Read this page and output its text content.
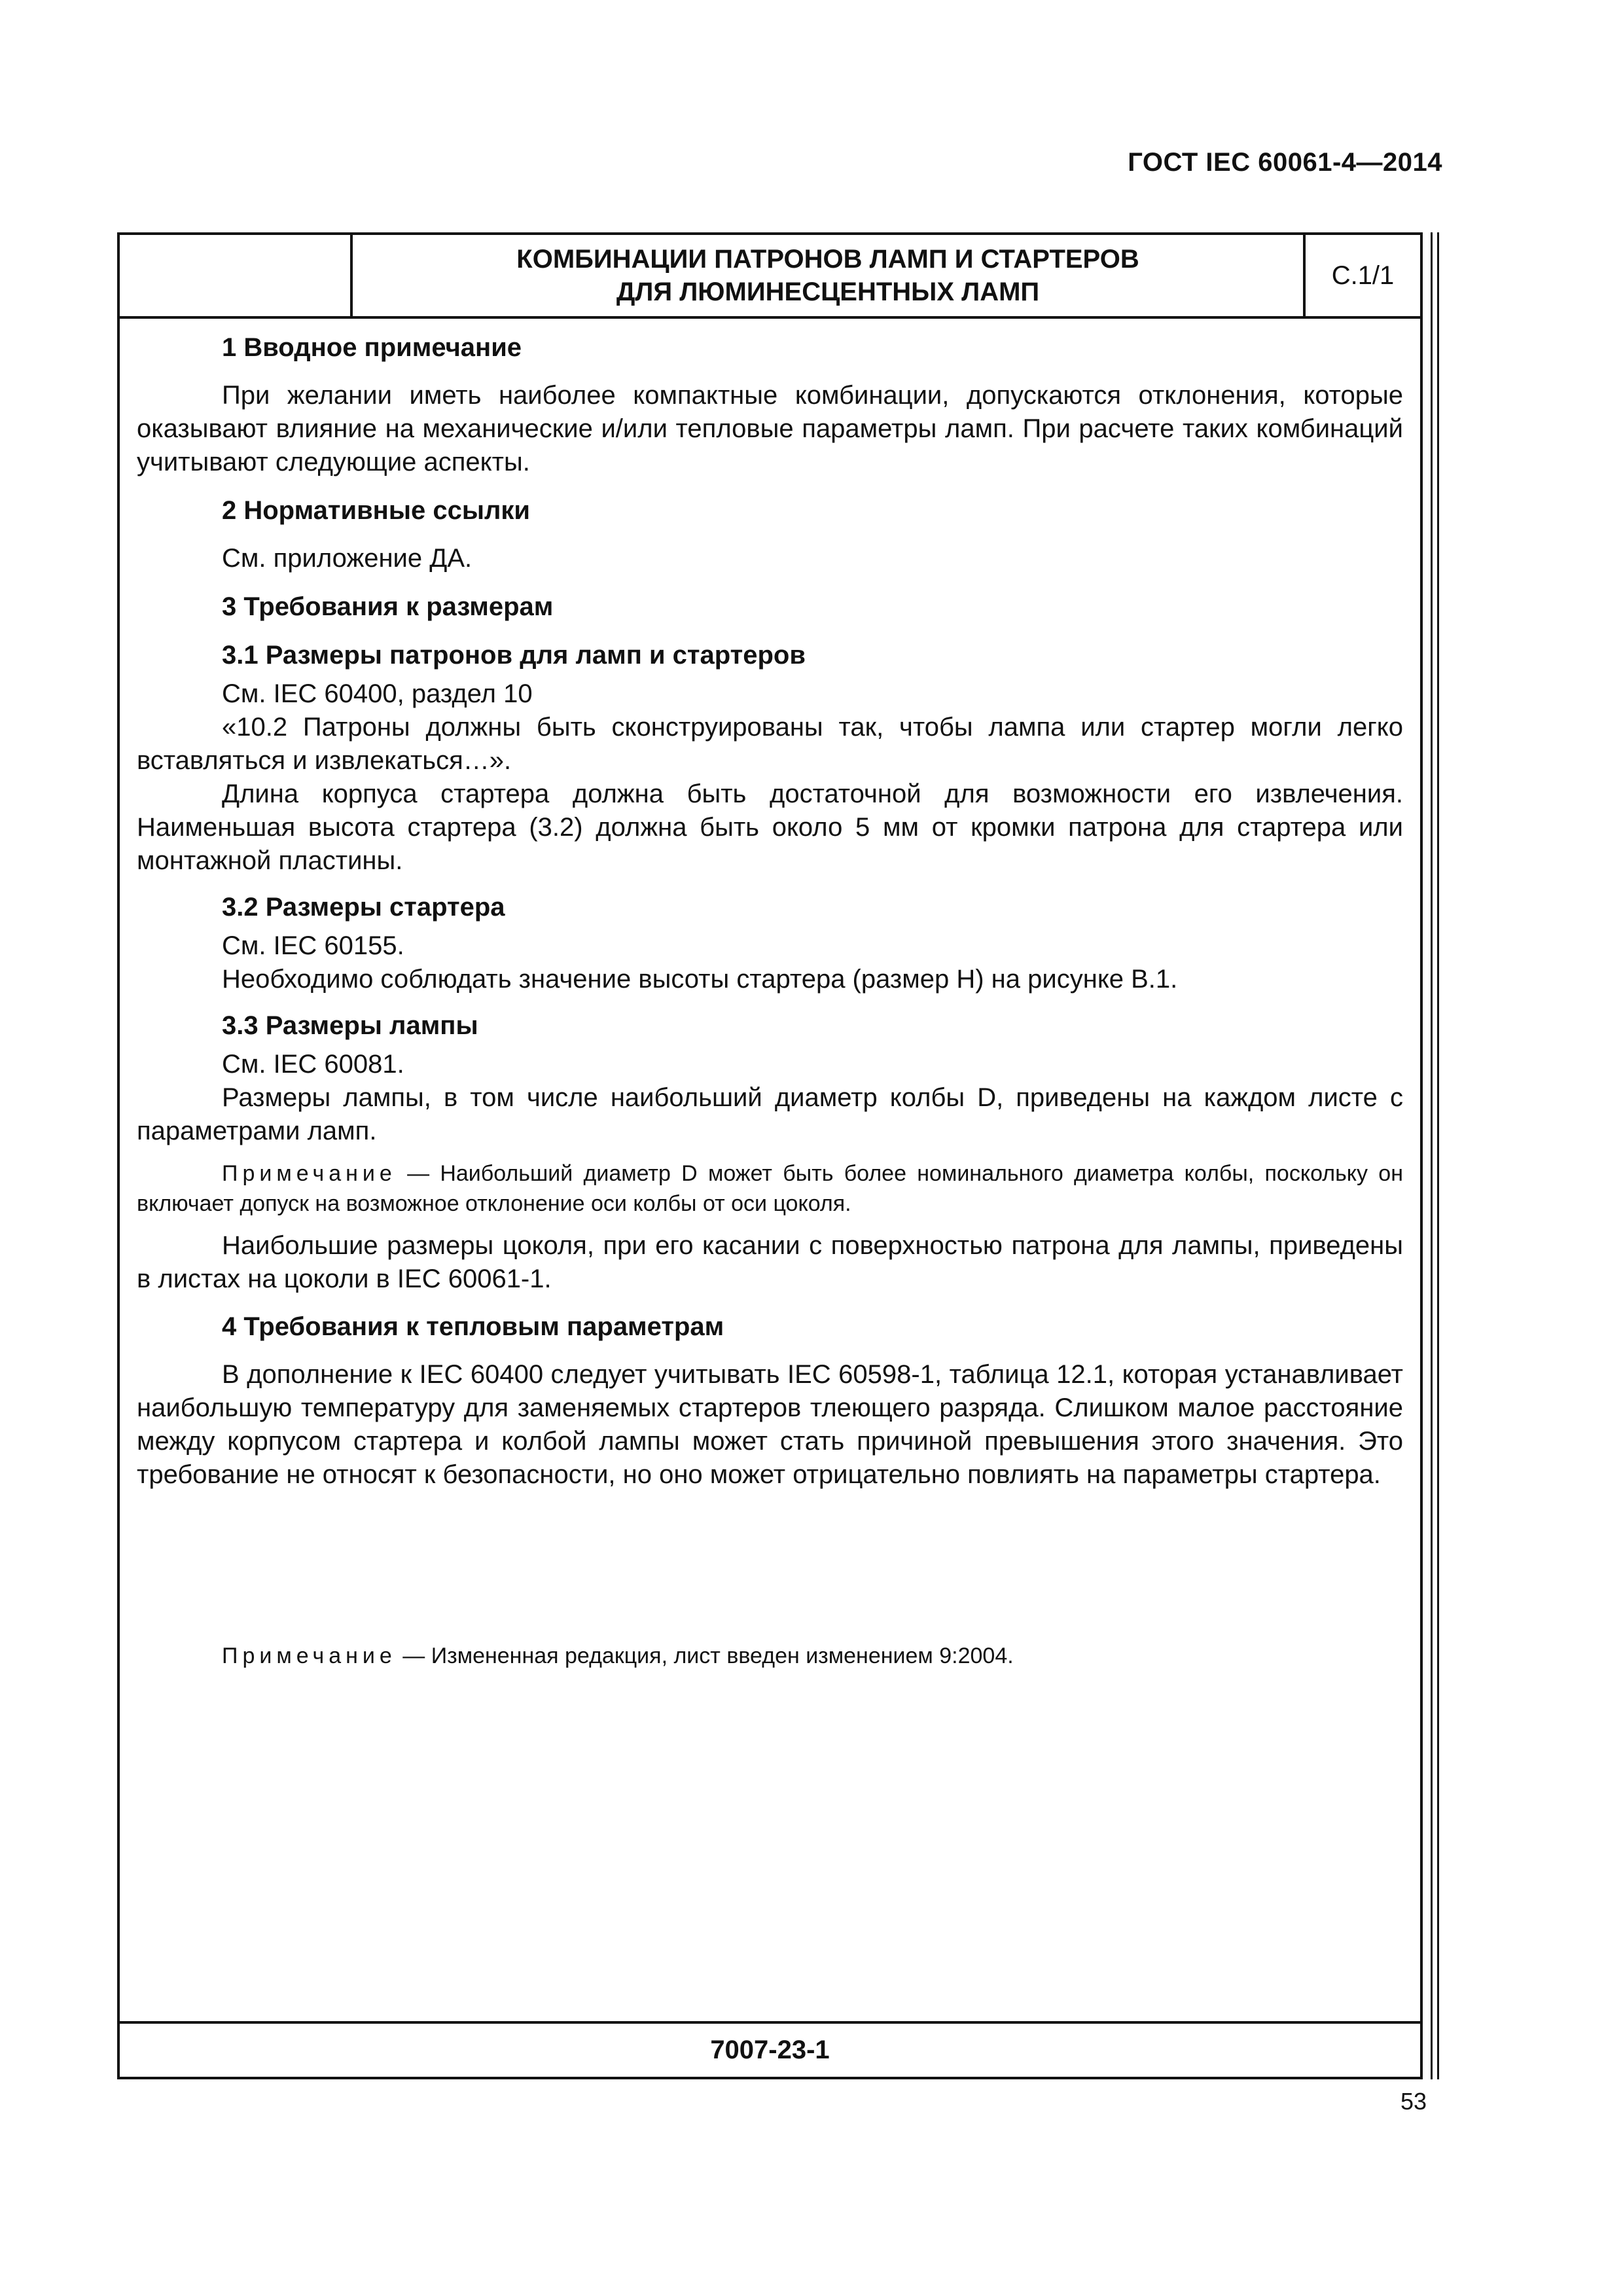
ГОСТ IEC 60061-4—2014
КОМБИНАЦИИ ПАТРОНОВ ЛАМП И СТАРТЕРОВ
ДЛЯ ЛЮМИНЕСЦЕНТНЫХ ЛАМП
С.1/1

1 Вводное примечание

При желании иметь наиболее компактные комбинации, допускаются отклонения, которые оказывают влияние на механические и/или тепловые параметры ламп. При расчете таких комбинаций учитывают следующие аспекты.

2 Нормативные ссылки

См. приложение ДА.

3 Требования к размерам

3.1 Размеры патронов для ламп и стартеров

См. IEC 60400, раздел 10

«10.2 Патроны должны быть сконструированы так, чтобы лампа или стартер могли легко вставляться и извлекаться…».

Длина корпуса стартера должна быть достаточной для возможности его извлечения. Наименьшая высота стартера (3.2) должна быть около 5 мм от кромки патрона для стартера или монтажной пластины.

3.2 Размеры стартера

См. IEC 60155.

Необходимо соблюдать значение высоты стартера (размер H) на рисунке B.1.

3.3 Размеры лампы

См. IEC 60081.

Размеры лампы, в том числе наибольший диаметр колбы D, приведены на каждом листе с параметрами ламп.

Примечание — Наибольший диаметр D может быть более номинального диаметра колбы, поскольку он включает допуск на возможное отклонение оси колбы от оси цоколя.

Наибольшие размеры цоколя, при его касании с поверхностью патрона для лампы, приведены в листах на цоколи в IEC 60061-1.

4 Требования к тепловым параметрам

В дополнение к IEC 60400 следует учитывать IEC 60598-1, таблица 12.1, которая устанавливает наибольшую температуру для заменяемых стартеров тлеющего разряда. Слишком малое расстояние между корпусом стартера и колбой лампы может стать причиной превышения этого значения. Это требование не относят к безопасности, но оно может отрицательно повлиять на параметры стартера.

Примечание — Измененная редакция, лист введен изменением 9:2004.

7007-23-1
53
